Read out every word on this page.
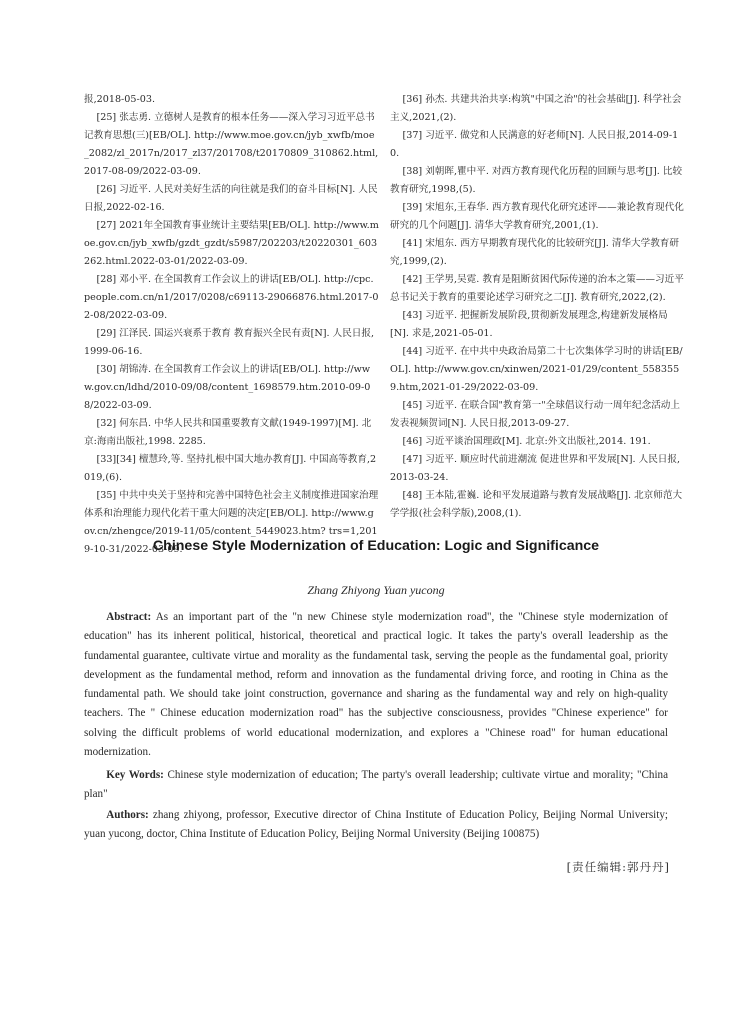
报,2018-05-03.
[25] 张志勇. 立德树人是教育的根本任务——深入学习习近平总书记教育思想(三)[EB/OL]. http://www.moe.gov.cn/jyb_xwfb/moe_2082/zl_2017n/2017_zl37/201708/t20170809_310862.html,2017-08-09/2022-03-09.
[26] 习近平. 人民对美好生活的向往就是我们的奋斗目标[N]. 人民日报,2022-02-16.
[27] 2021年全国教育事业统计主要结果[EB/OL]. http://www.moe.gov.cn/jyb_xwfb/gzdt_gzdt/s5987/202203/t20220301_603262.html.2022-03-01/2022-03-09.
[28] 邓小平. 在全国教育工作会议上的讲话[EB/OL]. http://cpc.people.com.cn/n1/2017/0208/c69113-29066876.html.2017-02-08/2022-03-09.
[29] 江泽民. 国运兴衰系于教育 教育振兴全民有责[N]. 人民日报,1999-06-16.
[30] 胡锦涛. 在全国教育工作会议上的讲话[EB/OL]. http://www.gov.cn/ldhd/2010-09/08/content_1698579.htm.2010-09-08/2022-03-09.
[32] 何东昌. 中华人民共和国重要教育文献(1949-1997)[M]. 北京:海南出版社,1998. 2285.
[33][34] 檀慧玲,等. 坚持扎根中国大地办教育[J]. 中国高等教育,2019,(6).
[35] 中共中央关于坚持和完善中国特色社会主义制度推进国家治理体系和治理能力现代化若干重大问题的决定[EB/OL]. http://www.gov.cn/zhengce/2019-11/05/content_5449023.htm? trs=1,2019-10-31/2022-03-09.
[36] 孙杰. 共建共治共享:构筑"中国之治"的社会基础[J]. 科学社会主义,2021,(2).
[37] 习近平. 做党和人民满意的好老师[N]. 人民日报,2014-09-10.
[38] 刘朝晖,瞿中平. 对西方教育现代化历程的回顾与思考[J]. 比较教育研究,1998,(5).
[39] 宋旭东,王春华. 西方教育现代化研究述评——兼论教育现代化研究的几个问题[J]. 清华大学教育研究,2001,(1).
[41] 宋旭东. 西方早期教育现代化的比较研究[J]. 清华大学教育研究,1999,(2).
[42] 王学男,吴霓. 教育是阻断贫困代际传递的治本之策——习近平总书记关于教育的重要论述学习研究之二[J]. 教育研究,2022,(2).
[43] 习近平. 把握新发展阶段,贯彻新发展理念,构建新发展格局[N]. 求是,2021-05-01.
[44] 习近平. 在中共中央政治局第二十七次集体学习时的讲话[EB/OL]. http://www.gov.cn/xinwen/2021-01/29/content_5583559.htm,2021-01-29/2022-03-09.
[45] 习近平. 在联合国"教育第一"全球倡议行动一周年纪念活动上发表视频贺词[N]. 人民日报,2013-09-27.
[46] 习近平谈治国理政[M]. 北京:外文出版社,2014. 191.
[47] 习近平. 顺应时代前进潮流 促进世界和平发展[N]. 人民日报,2013-03-24.
[48] 王本陆,霍巍. 论和平发展道路与教育发展战略[J]. 北京师范大学学报(社会科学版),2008,(1).
Chinese Style Modernization of Education: Logic and Significance
Zhang Zhiyong Yuan yucong

Abstract: As an important part of the "n new Chinese style modernization road", the "Chinese style modernization of education" has its inherent political, historical, theoretical and practical logic. It takes the party's overall leadership as the fundamental guarantee, cultivate virtue and morality as the fundamental task, serving the people as the fundamental goal, priority development as the fundamental method, reform and innovation as the fundamental driving force, and rooting in China as the fundamental path. We should take joint construction, governance and sharing as the fundamental way and rely on high-quality teachers. The " Chinese education modernization road" has the subjective consciousness, provides "Chinese experience" for solving the difficult problems of world educational modernization, and explores a "Chinese road" for human educational modernization.

Key Words: Chinese style modernization of education; The party's overall leadership; cultivate virtue and morality; "China plan"

Authors: zhang zhiyong, professor, Executive director of China Institute of Education Policy, Beijing Normal University; yuan yucong, doctor, China Institute of Education Policy, Beijing Normal University (Beijing 100875)

[责任编辑:郭丹丹]
